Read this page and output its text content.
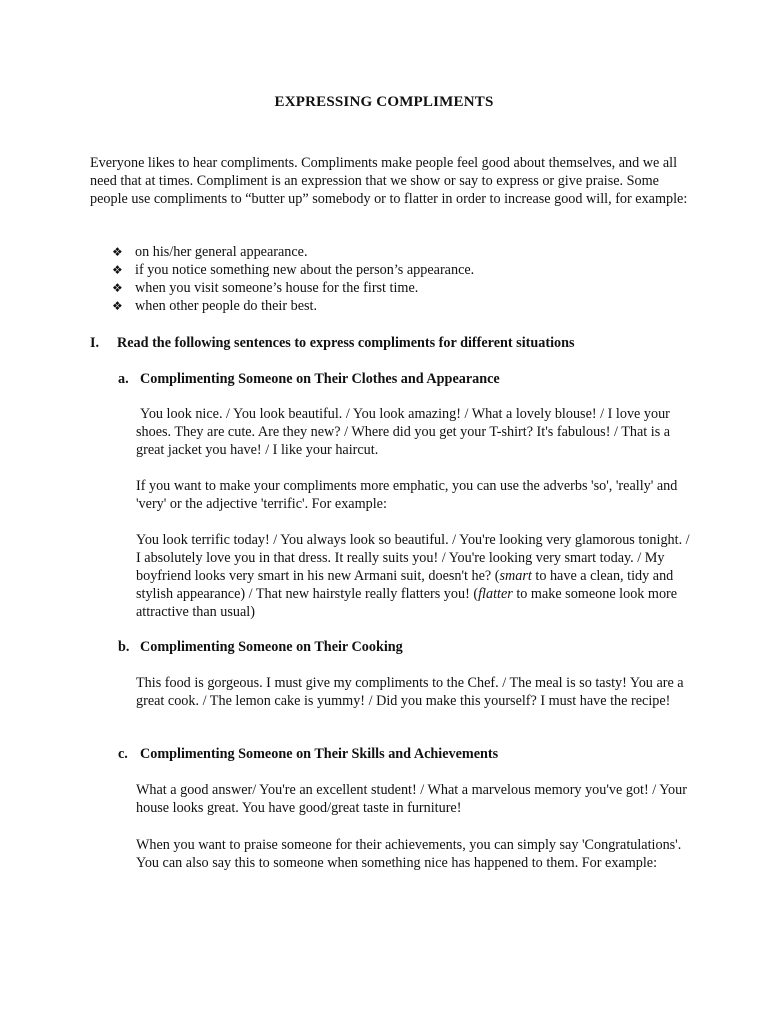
EXPRESSING COMPLIMENTS
Everyone likes to hear compliments. Compliments make people feel good about themselves, and we all need that at times. Compliment is an expression that we show or say to express or give praise. Some people use compliments to “butter up” somebody or to flatter in order to increase good will, for example:
❖ on his/her general appearance.
❖ if you notice something new about the person’s appearance.
❖ when you visit someone’s house for the first time.
❖ when other people do their best.
I. Read the following sentences to express compliments for different situations
a. Complimenting Someone on Their Clothes and Appearance
You look nice. / You look beautiful. / You look amazing! / What a lovely blouse! / I love your shoes. They are cute. Are they new? / Where did you get your T-shirt? It's fabulous! / That is a great jacket you have! / I like your haircut.
If you want to make your compliments more emphatic, you can use the adverbs 'so', 'really' and 'very' or the adjective 'terrific'. For example:
You look terrific today! / You always look so beautiful. / You're looking very glamorous tonight. / I absolutely love you in that dress. It really suits you! / You're looking very smart today. / My boyfriend looks very smart in his new Armani suit, doesn't he? (smart to have a clean, tidy and stylish appearance) / That new hairstyle really flatters you! (flatter to make someone look more attractive than usual)
b. Complimenting Someone on Their Cooking
This food is gorgeous. I must give my compliments to the Chef. / The meal is so tasty! You are a great cook. / The lemon cake is yummy! / Did you make this yourself? I must have the recipe!
c. Complimenting Someone on Their Skills and Achievements
What a good answer/ You're an excellent student! / What a marvelous memory you've got! / Your house looks great. You have good/great taste in furniture!
When you want to praise someone for their achievements, you can simply say 'Congratulations'. You can also say this to someone when something nice has happened to them. For example:
